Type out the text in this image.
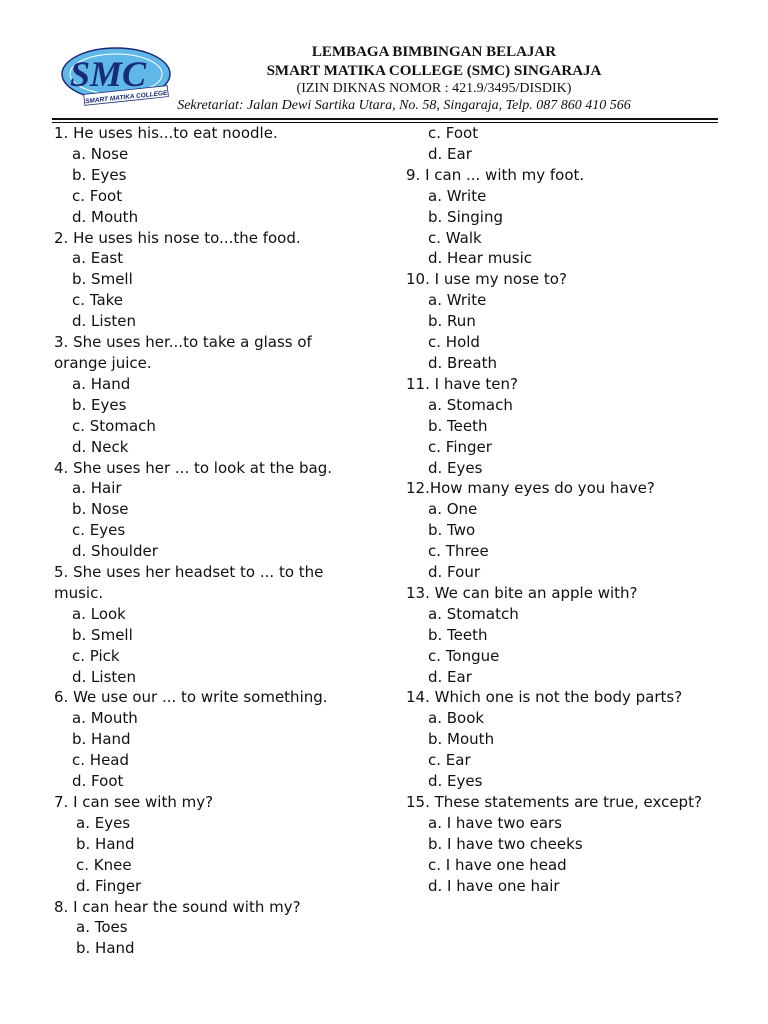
SMC
SMART MATIKA COLLEGE
LEMBAGA BIMBINGAN BELAJAR
SMART MATIKA COLLEGE (SMC) SINGARAJA
(IZIN DIKNAS NOMOR : 421.9/3495/DISDIK)
Sekretariat: Jalan Dewi Sartika Utara, No. 58, Singaraja, Telp. 087 860 410 566
1. He uses his...to eat noodle.
a. Nose
b. Eyes
c. Foot
d. Mouth
2. He uses his nose to...the food.
a. East
b. Smell
c. Take
d. Listen
3. She uses her...to take a glass of
orange juice.
a. Hand
b. Eyes
c. Stomach
d. Neck
4. She uses her ... to look at the bag.
a. Hair
b. Nose
c. Eyes
d. Shoulder
5. She uses her headset to ... to the
music.
a. Look
b. Smell
c. Pick
d. Listen
6. We use our ... to write something.
a. Mouth
b. Hand
c. Head
d. Foot
7. I can see with my?
a. Eyes
b. Hand
c. Knee
d. Finger
8. I can hear the sound with my?
a. Toes
b. Hand
c. Foot
d. Ear
9. I can ... with my foot.
a. Write
b. Singing
c. Walk
d. Hear music
10. I use my nose to?
a. Write
b. Run
c. Hold
d. Breath
11. I have ten?
a. Stomach
b. Teeth
c. Finger
d. Eyes
12.How many eyes do you have?
a. One
b. Two
c. Three
d. Four
13. We can bite an apple with?
a. Stomatch
b. Teeth
c. Tongue
d. Ear
14. Which one is not the body parts?
a. Book
b. Mouth
c. Ear
d. Eyes
15. These statements are true, except?
a. I have two ears
b. I have two cheeks
c. I have one head
d. I have one hair
